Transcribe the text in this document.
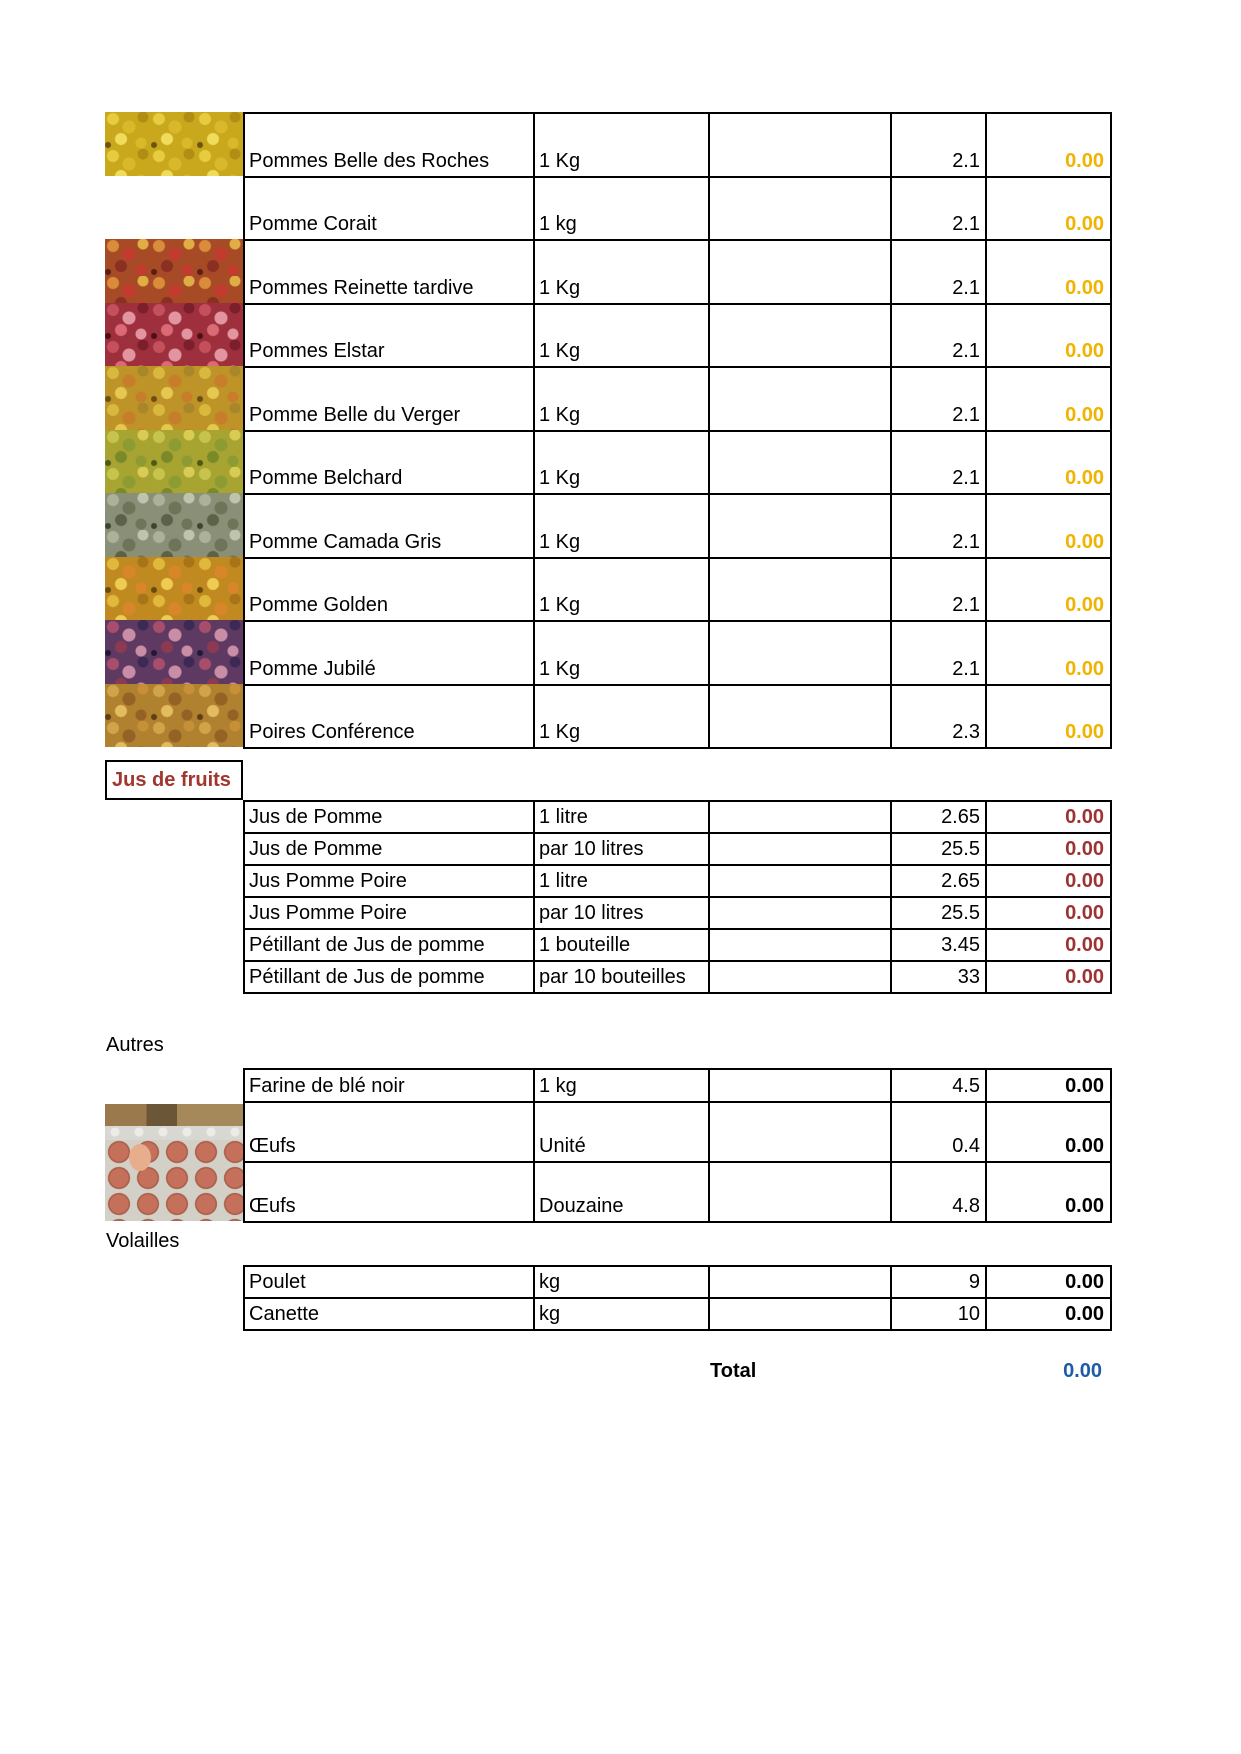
Pommes Belle des Roches	1 Kg	2.1	0.00
Pomme Corait	1 kg	2.1	0.00
Pommes Reinette tardive	1 Kg	2.1	0.00
Pommes Elstar	1 Kg	2.1	0.00
Pomme Belle du Verger	1 Kg	2.1	0.00
Pomme Belchard	1 Kg	2.1	0.00
Pomme Camada Gris	1 Kg	2.1	0.00
Pomme Golden	1 Kg	2.1	0.00
Pomme Jubilé	1 Kg	2.1	0.00
Poires Conférence	1 Kg	2.3	0.00
Jus de fruits
Jus de Pomme	1 litre	2.65	0.00
Jus de Pomme	par 10 litres	25.5	0.00
Jus Pomme Poire	1 litre	2.65	0.00
Jus Pomme Poire	par 10 litres	25.5	0.00
Pétillant de Jus de pomme	1 bouteille	3.45	0.00
Pétillant de Jus de pomme	par 10 bouteilles	33	0.00
Autres
Farine de blé noir	1 kg	4.5	0.00
Œufs	Unité	0.4	0.00
Œufs	Douzaine	4.8	0.00
Volailles
Poulet	kg	9	0.00
Canette	kg	10	0.00
Total	0.00
